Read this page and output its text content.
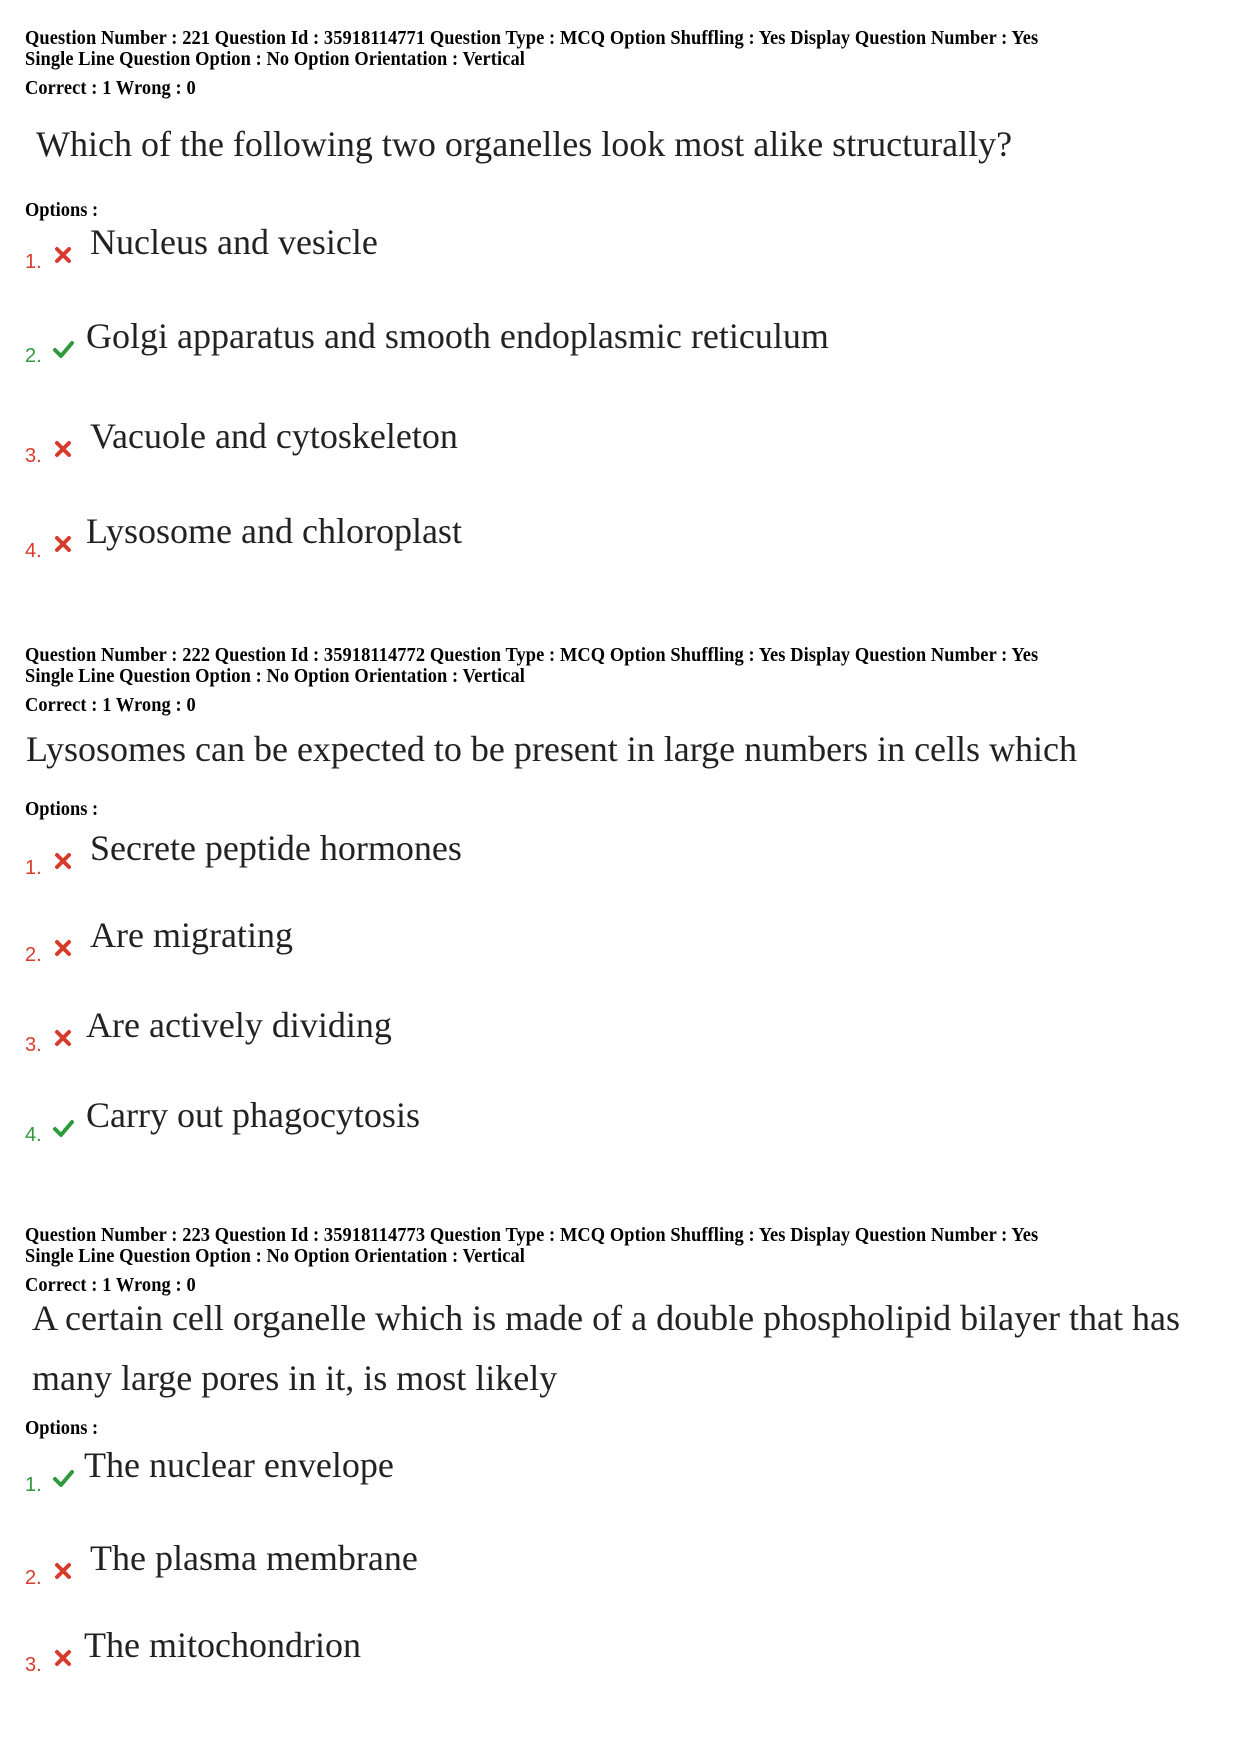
Question Number : 221 Question Id : 35918114771 Question Type : MCQ Option Shuffling : Yes Display Question Number : Yes
Single Line Question Option : No Option Orientation : Vertical
Correct : 1 Wrong : 0
Which of the following two organelles look most alike structurally?
Options :
1. Nucleus and vesicle
2. Golgi apparatus and smooth endoplasmic reticulum
3. Vacuole and cytoskeleton
4. Lysosome and chloroplast
Question Number : 222 Question Id : 35918114772 Question Type : MCQ Option Shuffling : Yes Display Question Number : Yes
Single Line Question Option : No Option Orientation : Vertical
Correct : 1 Wrong : 0
Lysosomes can be expected to be present in large numbers in cells which
Options :
1. Secrete peptide hormones
2. Are migrating
3. Are actively dividing
4. Carry out phagocytosis
Question Number : 223 Question Id : 35918114773 Question Type : MCQ Option Shuffling : Yes Display Question Number : Yes
Single Line Question Option : No Option Orientation : Vertical
Correct : 1 Wrong : 0
A certain cell organelle which is made of a double phospholipid bilayer that has
many large pores in it, is most likely
Options :
1. The nuclear envelope
2. The plasma membrane
3. The mitochondrion
